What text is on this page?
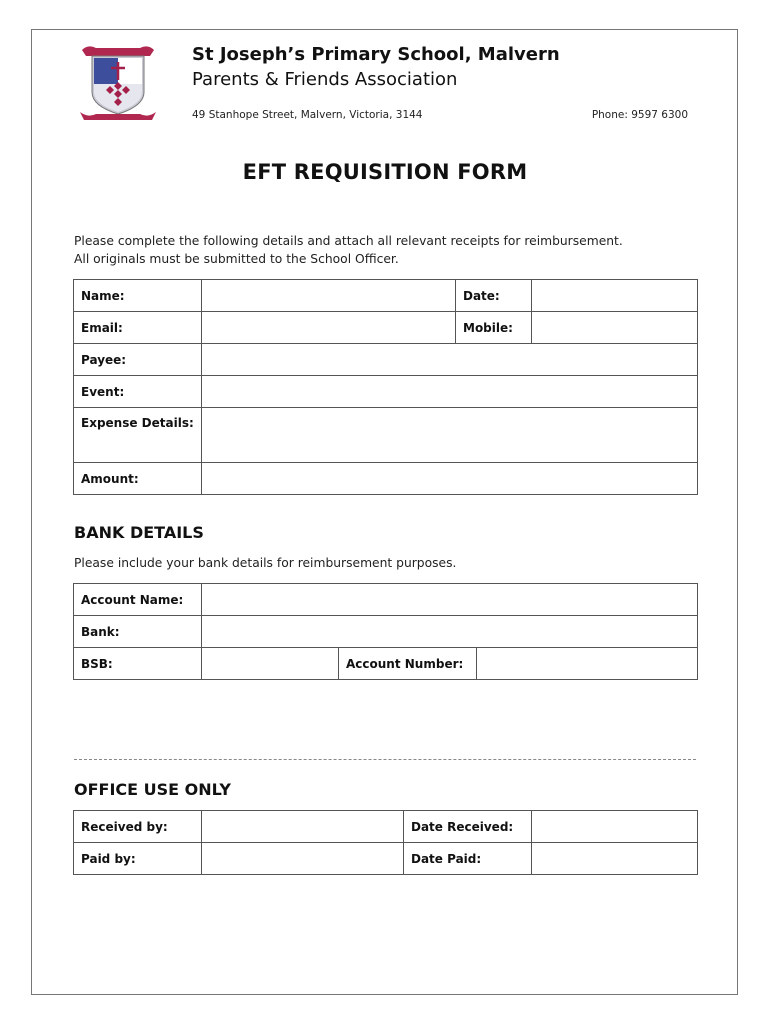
St Joseph’s Primary School, Malvern
Parents & Friends Association
49 Stanhope Street, Malvern, Victoria, 3144	Phone: 9597 6300
EFT REQUISITION FORM
Please complete the following details and attach all relevant receipts for reimbursement.
All originals must be submitted to the School Officer.
Name:		Date:	
Email:		Mobile:	
Payee:			
Event:			
Expense Details:			
Amount:			
BANK DETAILS
Please include your bank details for reimbursement purposes.
Account Name:			
Bank:			
BSB:		Account Number:	
OFFICE USE ONLY
Received by:		Date Received:	
Paid by:		Date Paid:	
